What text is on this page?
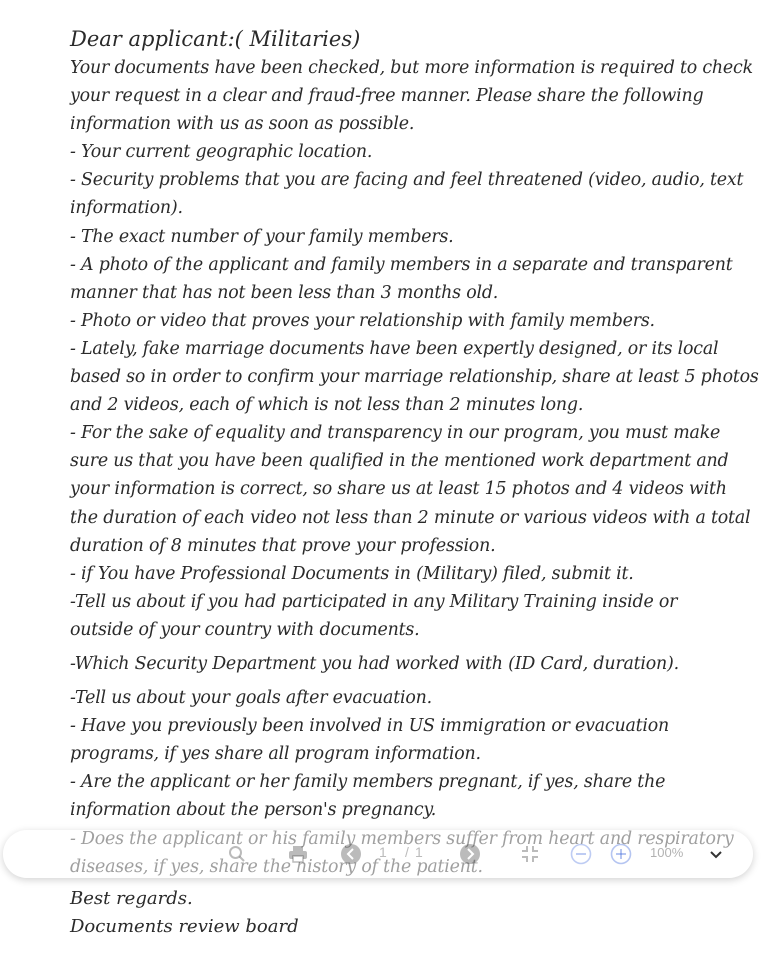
Dear applicant:( Militaries)
Your documents have been checked, but more information is required to check
your request in a clear and fraud-free manner. Please share the following
information with us as soon as possible.
- Your current geographic location.
- Security problems that you are facing and feel threatened (video, audio, text
information).
- The exact number of your family members.
- A photo of the applicant and family members in a separate and transparent
manner that has not been less than 3 months old.
- Photo or video that proves your relationship with family members.
- Lately, fake marriage documents have been expertly designed, or its local
based so in order to confirm your marriage relationship, share at least 5 photos
and 2 videos, each of which is not less than 2 minutes long.
- For the sake of equality and transparency in our program, you must make
sure us that you have been qualified in the mentioned work department and
your information is correct, so share us at least 15 photos and 4 videos with
the duration of each video not less than 2 minute or various videos with a total
duration of 8 minutes that prove your profession.
- if You have Professional Documents in (Military) filed, submit it.
-Tell us about if you had participated in any Military Training inside or
outside of your country with documents.
-Which Security Department you had worked with (ID Card, duration).
-Tell us about your goals after evacuation.
- Have you previously been involved in US immigration or evacuation
programs, if yes share all program information.
- Are the applicant or her family members pregnant, if yes, share the
information about the person's pregnancy.
Best regards.
Documents review board
1 / 1	100%
